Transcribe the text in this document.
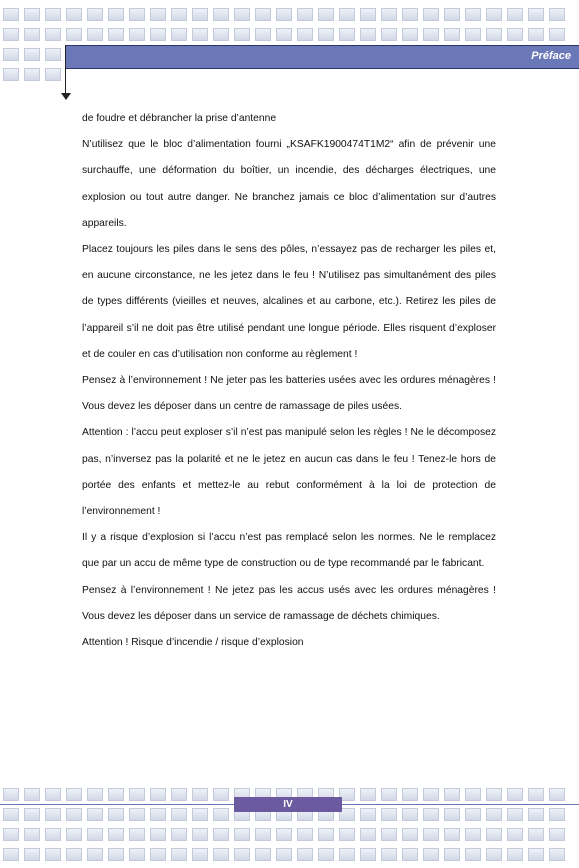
Préface

de foudre et débrancher la prise d’antenne

N’utilisez que le bloc d’alimentation fourni „KSAFK1900474T1M2“ afin de prévenir une surchauffe, une déformation du boîtier, un incendie, des décharges électriques, une explosion ou tout autre danger. Ne branchez jamais ce bloc d’alimentation sur d’autres appareils.

Placez toujours les piles dans le sens des pôles, n’essayez pas de recharger les piles et, en aucune circonstance, ne les jetez dans le feu ! N’utilisez pas simultanément des piles de types différents (vieilles et neuves, alcalines et au carbone, etc.). Retirez les piles de l’appareil s’il ne doit pas être utilisé pendant une longue période. Elles risquent d’exploser et de couler en cas d’utilisation non conforme au règlement !

Pensez à l’environnement ! Ne jeter pas les batteries usées avec les ordures ménagères ! Vous devez les déposer dans un centre de ramassage de piles usées.

Attention : l’accu peut exploser s’il n’est pas manipulé selon les règles ! Ne le décomposez pas, n’inversez pas la polarité et ne le jetez en aucun cas dans le feu ! Tenez-le hors de portée des enfants et mettez-le au rebut conformément à la loi de protection de l’environnement !

Il y a risque d’explosion si l’accu n’est pas remplacé selon les normes. Ne le remplacez que par un accu de même type de construction ou de type recommandé par le fabricant.

Pensez à l’environnement ! Ne jetez pas les accus usés avec les ordures ménagères ! Vous devez les déposer dans un service de ramassage de déchets chimiques.

Attention ! Risque d’incendie / risque d’explosion

IV
